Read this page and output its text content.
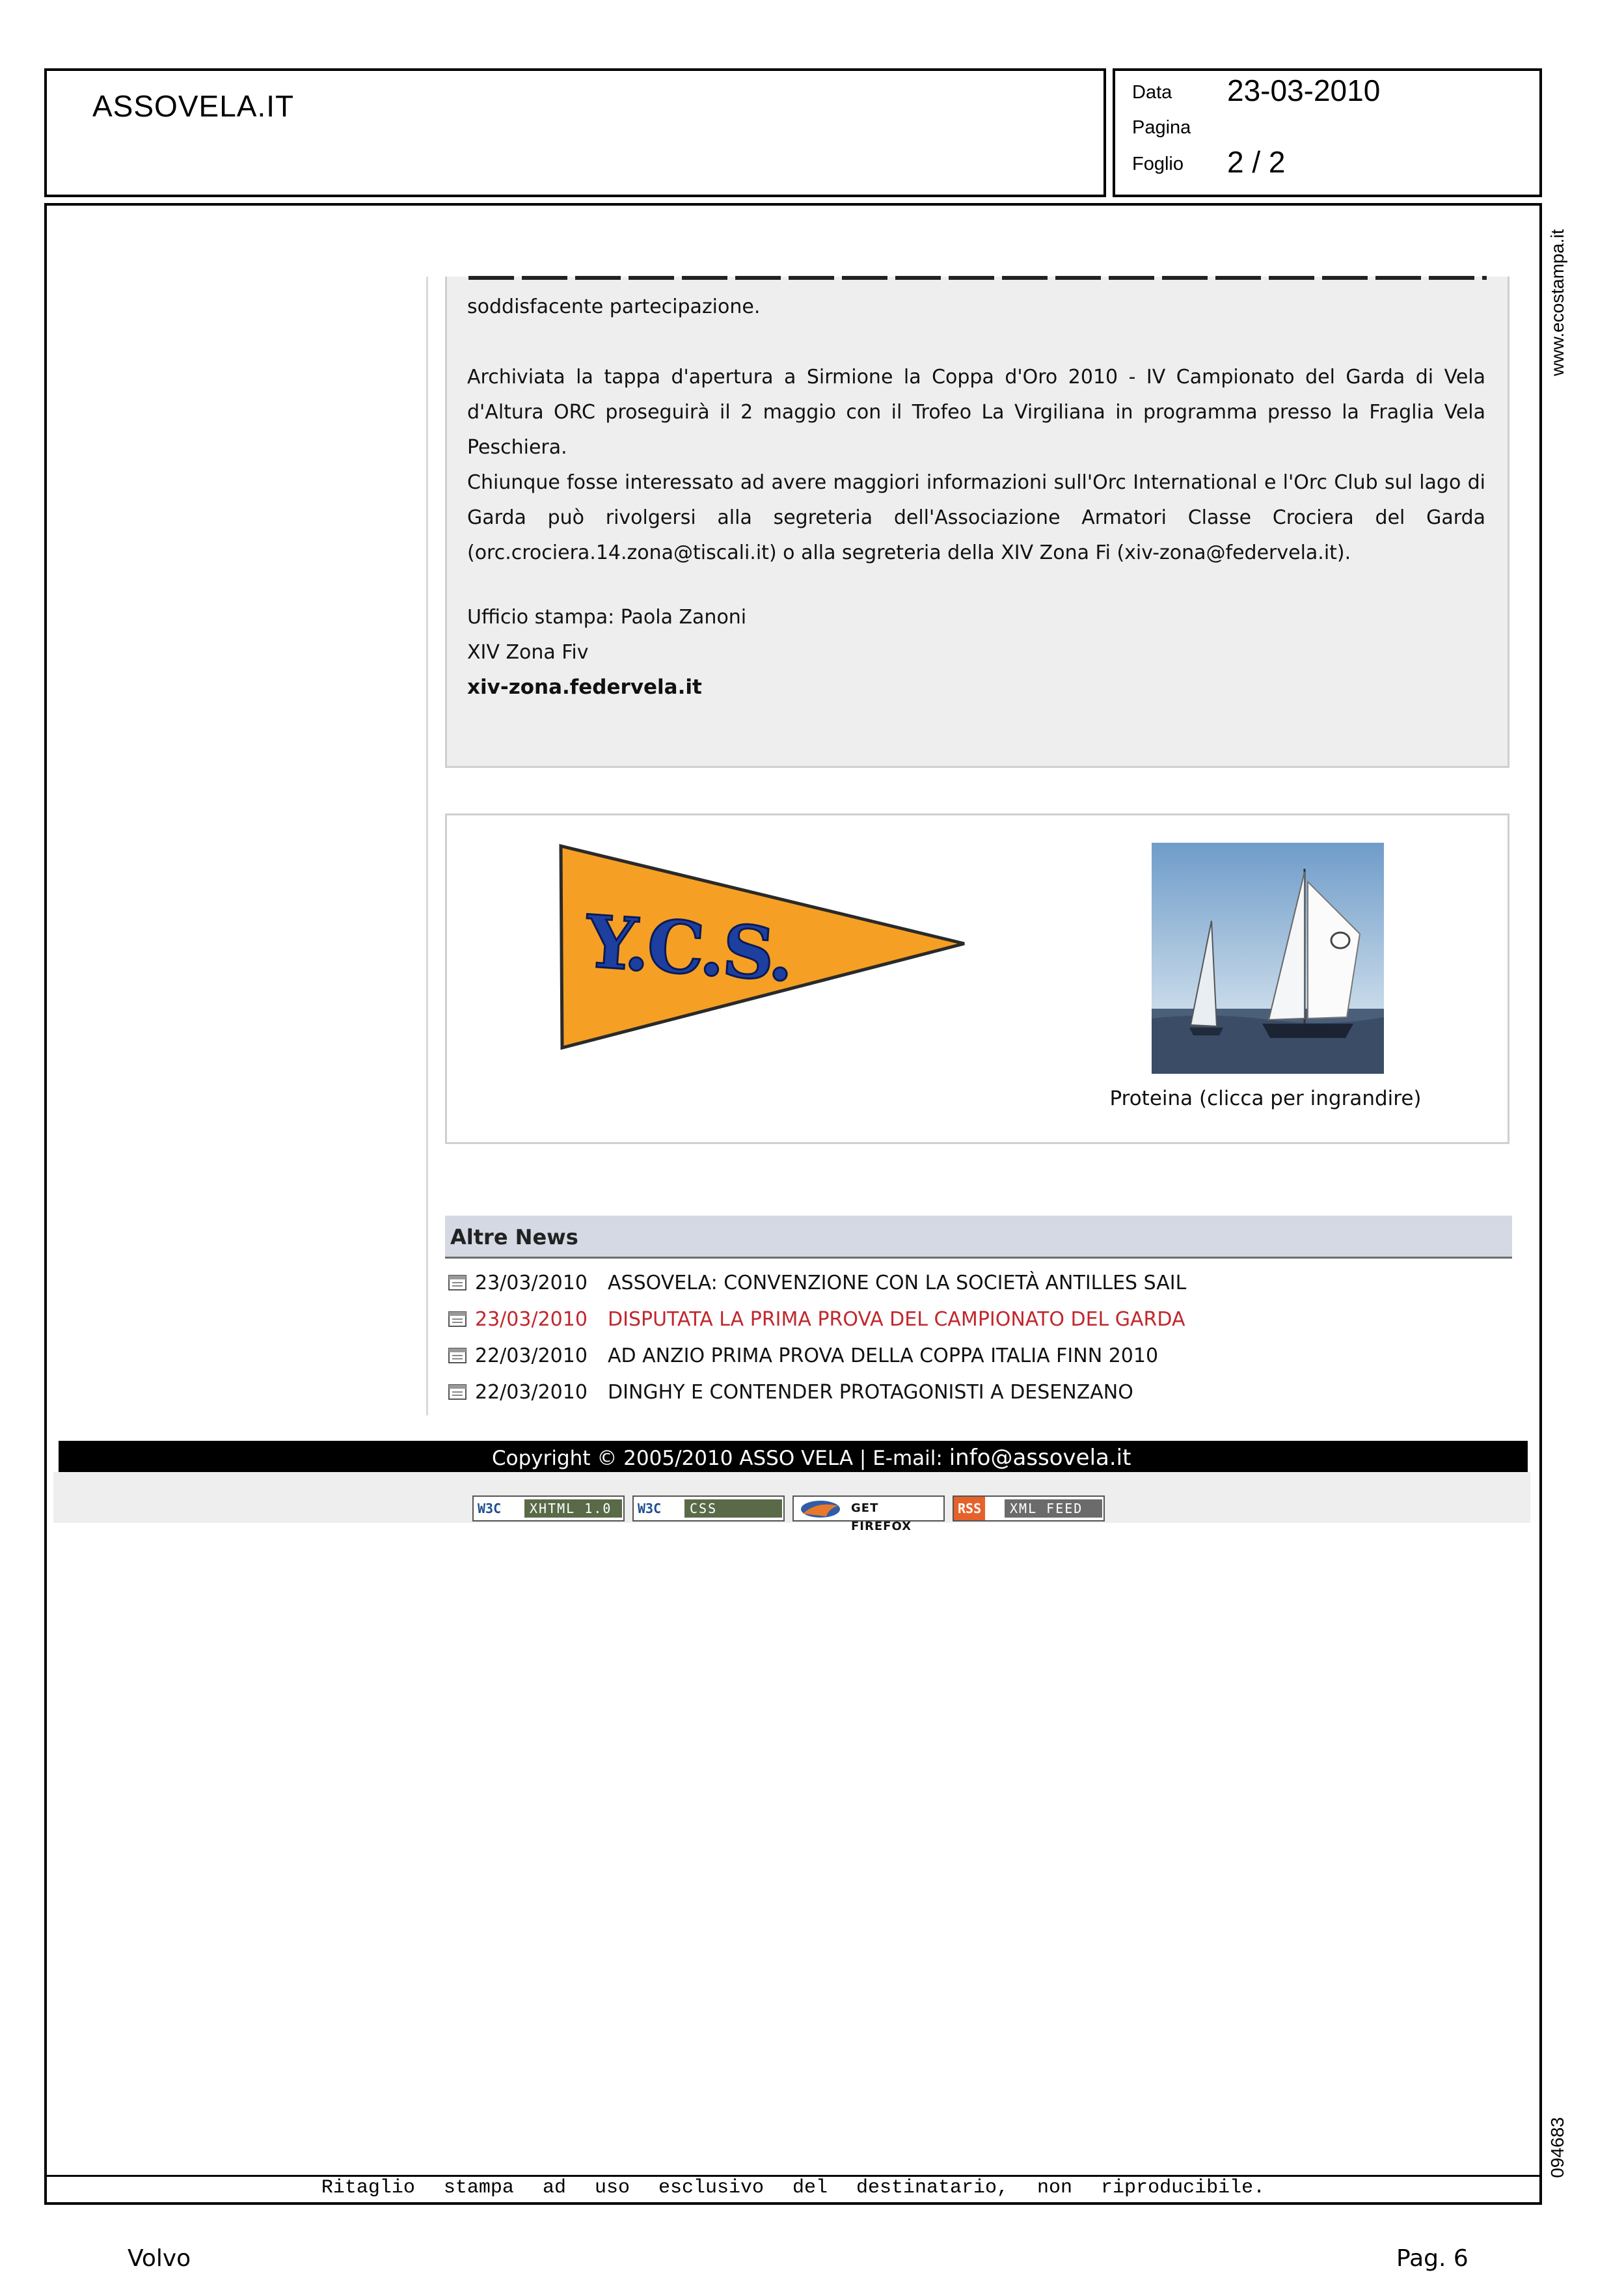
ASSOVELA.IT	Data 23-03-2010
Pagina
Foglio 2 / 2
www.ecostampa.it
094683

soddisfacente partecipazione.

Archiviata la tappa d'apertura a Sirmione la Coppa d'Oro 2010 - IV Campionato del Garda di Vela d'Altura ORC proseguirà il 2 maggio con il Trofeo La Virgiliana in programma presso la Fraglia Vela Peschiera.

Chiunque fosse interessato ad avere maggiori informazioni sull'Orc International e l'Orc Club sul lago di Garda può rivolgersi alla segreteria dell'Associazione Armatori Classe Crociera del Garda (orc.crociera.14.zona@tiscali.it) o alla segreteria della XIV Zona Fi (xiv-zona@federvela.it).

Ufficio stampa: Paola Zanoni
XIV Zona Fiv
xiv-zona.federvela.it
Y.C.S.
Proteina (clicca per ingrandire)
Altre News
23/03/2010 ASSOVELA: CONVENZIONE CON LA SOCIETÀ ANTILLES SAIL
23/03/2010 DISPUTATA LA PRIMA PROVA DEL CAMPIONATO DEL GARDA
22/03/2010 AD ANZIO PRIMA PROVA DELLA COPPA ITALIA FINN 2010
22/03/2010 DINGHY E CONTENDER PROTAGONISTI A DESENZANO
Copyright © 2005/2010 ASSO VELA | E-mail: info@assovela.it
W3C	XHTML 1.0	W3C	CSS	GET FIREFOX
RSS	XML FEED
Ritaglio stampa ad uso esclusivo del destinatario, non riproducibile.
Volvo	Pag. 6
